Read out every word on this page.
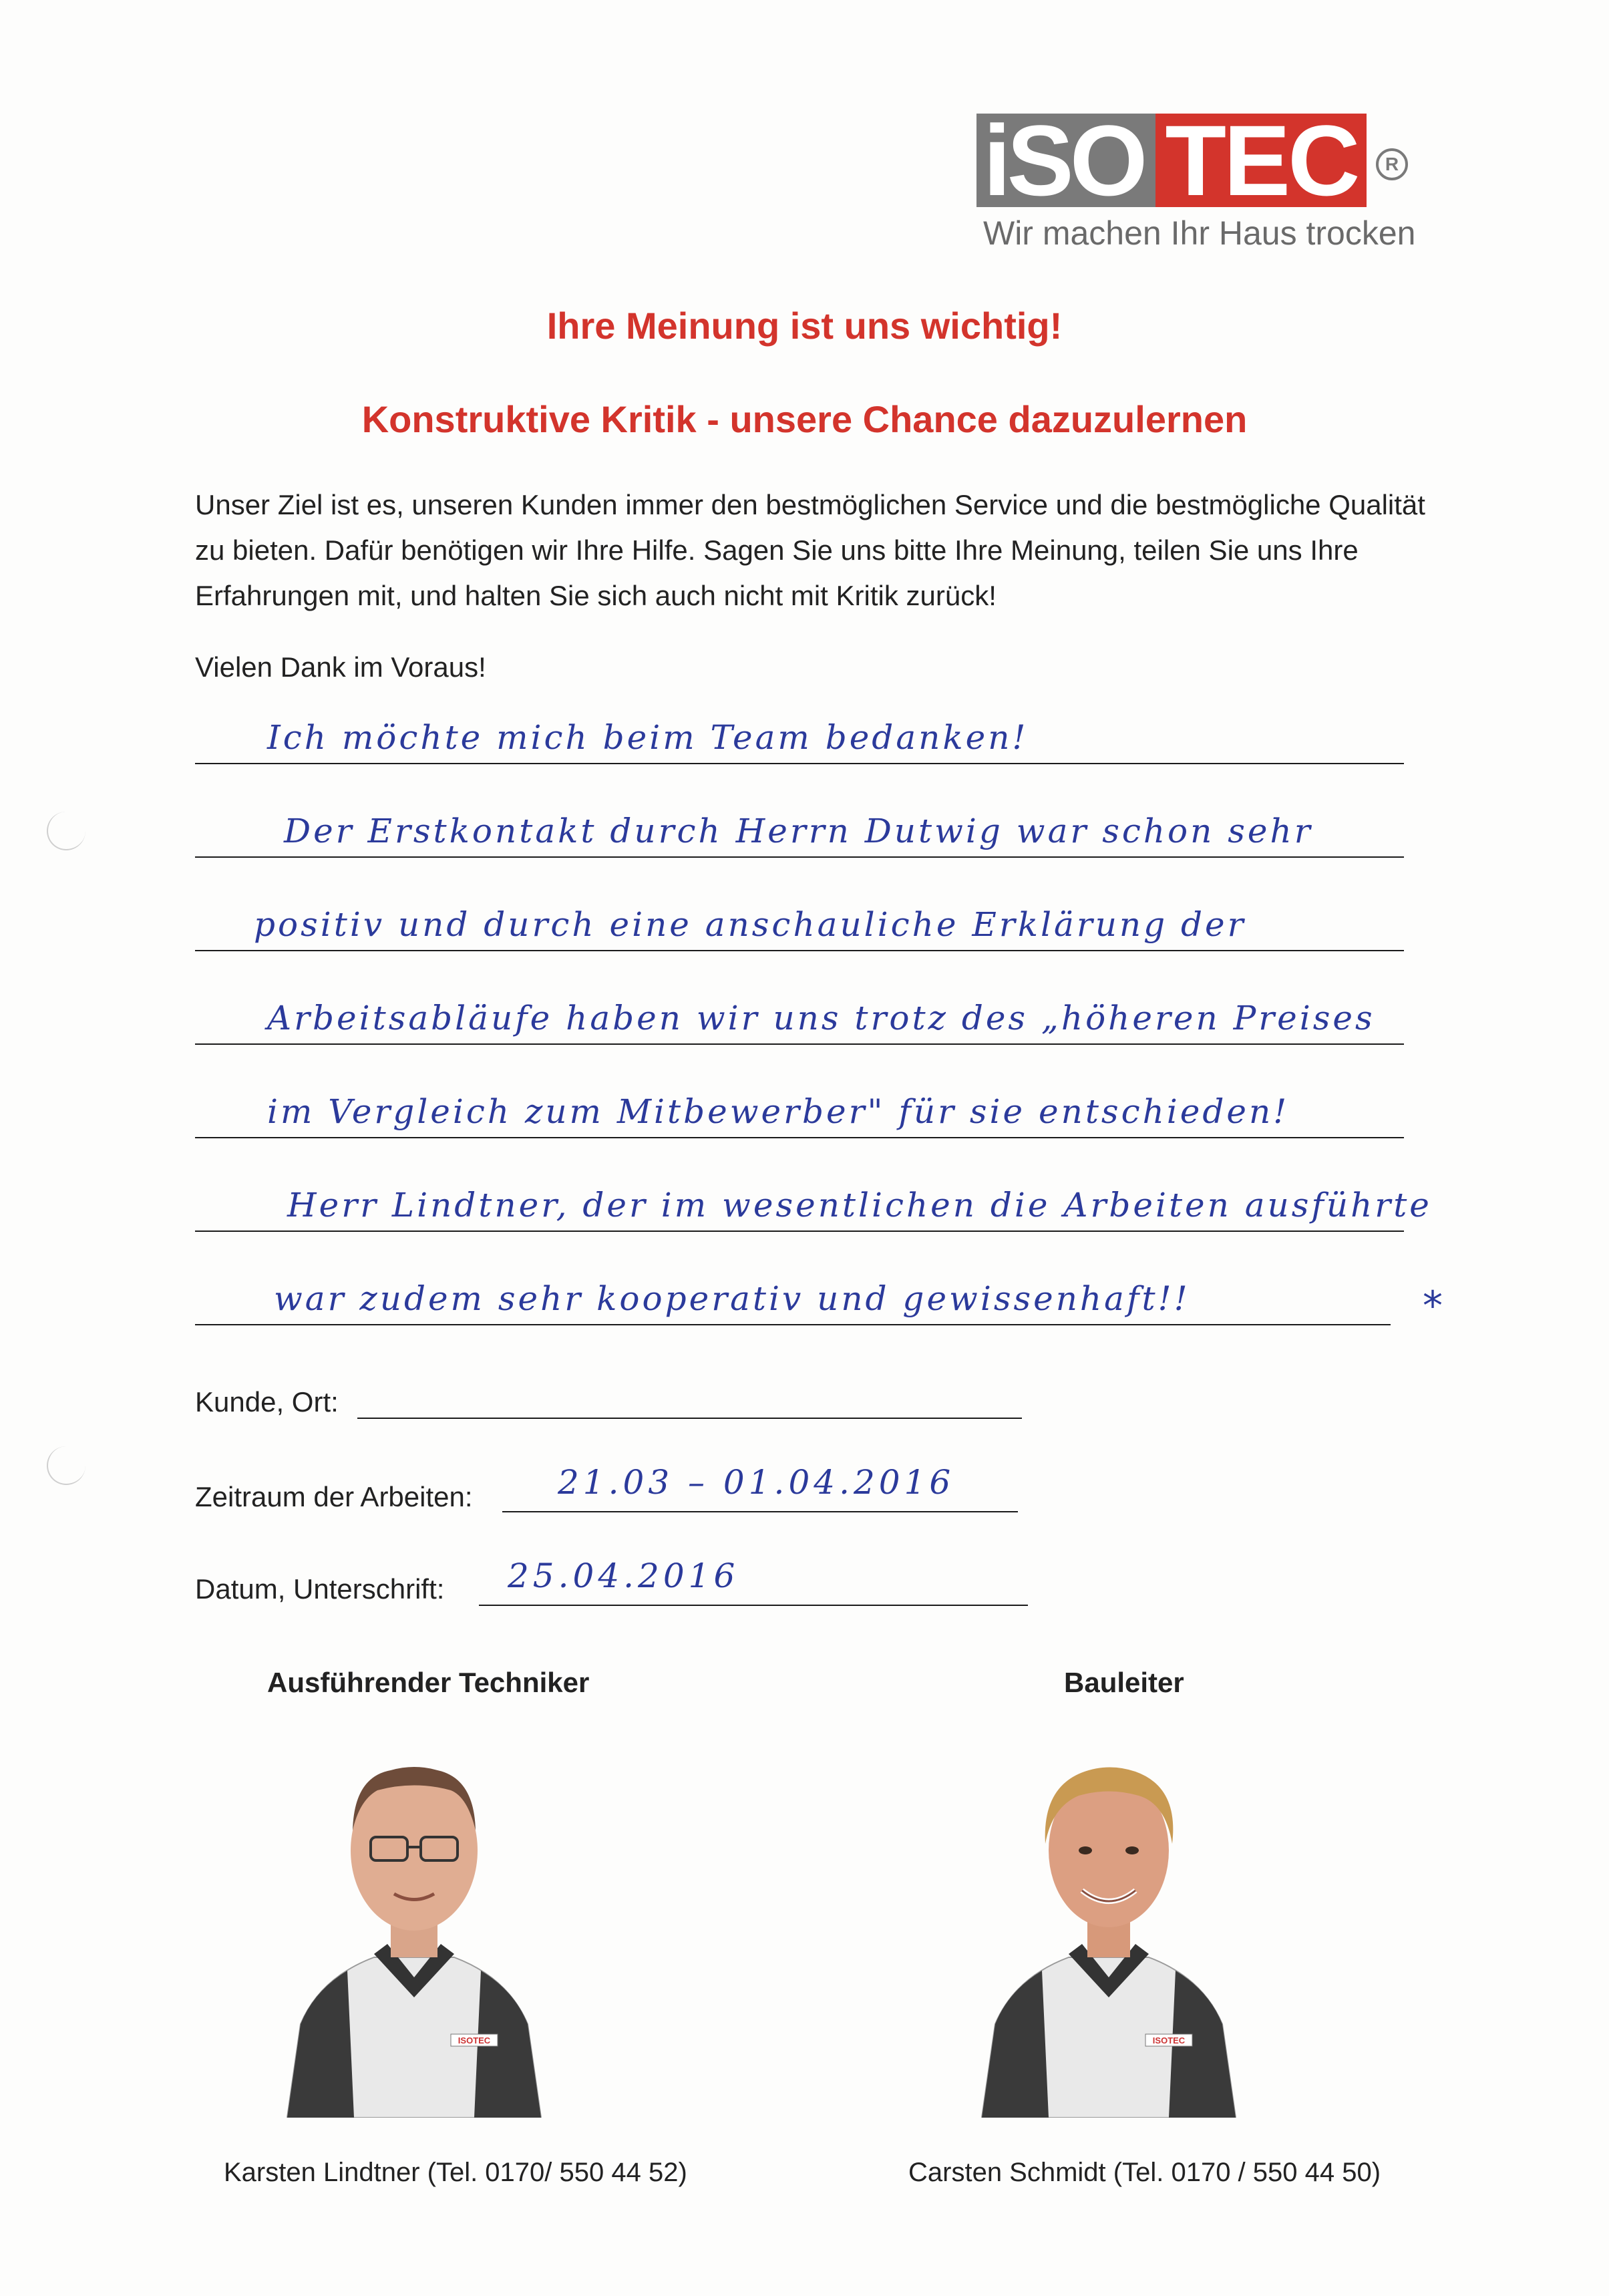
iSO TEC	R
Wir machen Ihr Haus trocken
Ihre Meinung ist uns wichtig!
Konstruktive Kritik - unsere Chance dazuzulernen
Unser Ziel ist es, unseren Kunden immer den bestmöglichen Service und die bestmögliche Qualität zu bieten. Dafür benötigen wir Ihre Hilfe. Sagen Sie uns bitte Ihre Meinung, teilen Sie uns Ihre Erfahrungen mit, und halten Sie sich auch nicht mit Kritik zurück!
Vielen Dank im Voraus!
Ich möchte mich beim Team bedanken!
Der Erstkontakt durch Herrn Dutwig war schon sehr
positiv und durch eine anschauliche Erklärung der
Arbeitsabläufe haben wir uns trotz des „höheren Preises
im Vergleich zum Mitbewerber" für sie entschieden!
Herr Lindtner, der im wesentlichen die Arbeiten ausführte
war zudem sehr kooperativ und gewissenhaft!!	*
Kunde, Ort:
Zeitraum der Arbeiten:	21.03 – 01.04.2016
Datum, Unterschrift: 25.04.2016
Ausführender Techniker
ISOTEC
Karsten Lindtner (Tel. 0170/ 550 44 52)
Bauleiter
ISOTEC
Carsten Schmidt (Tel. 0170 / 550 44 50)
